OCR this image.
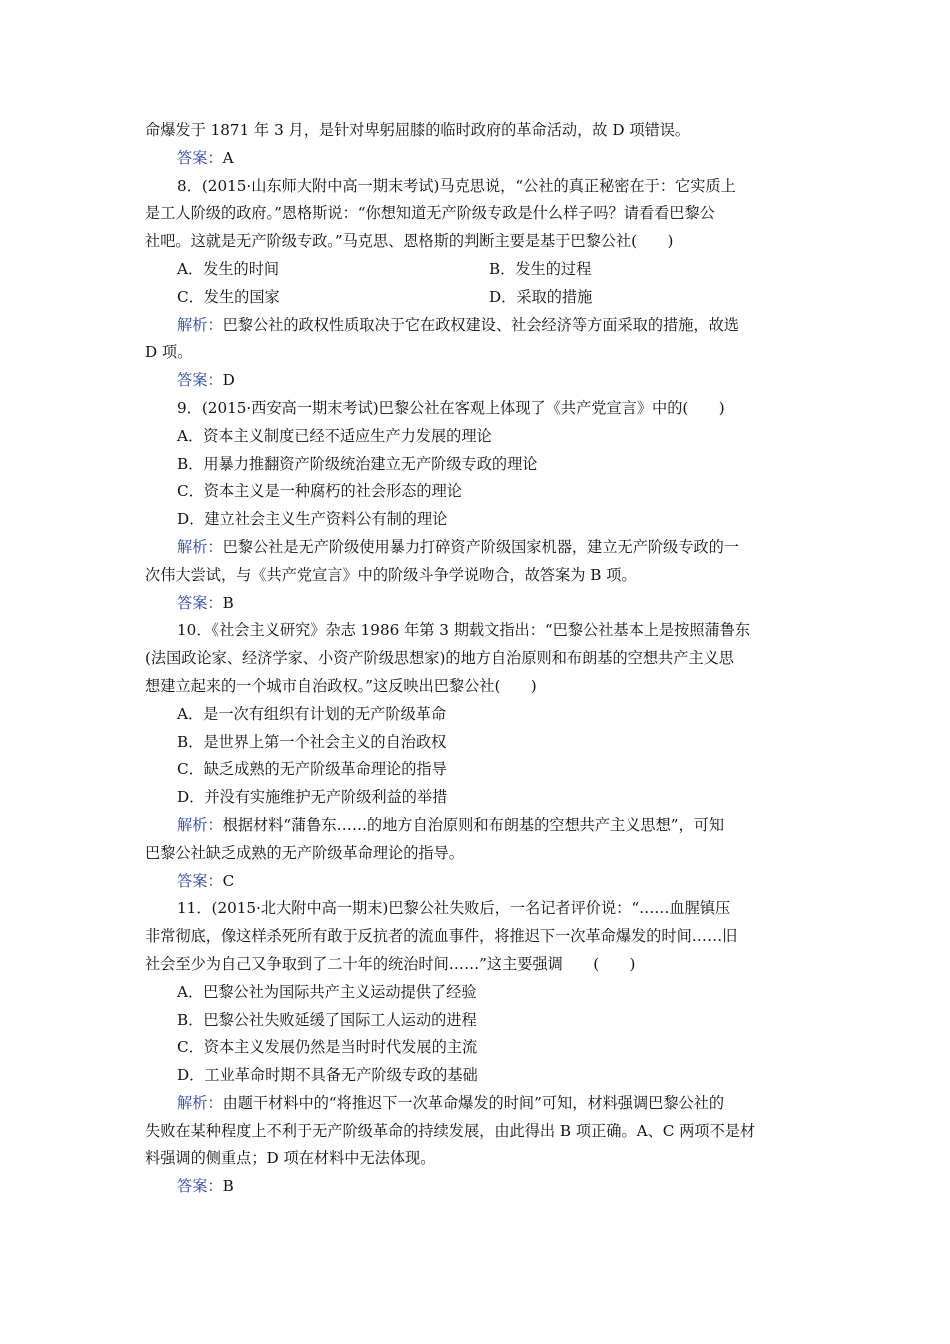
命爆发于 1871 年 3 月，是针对卑躬屈膝的临时政府的革命活动，故 D 项错误。
答案：A
8．(2015·山东师大附中高一期末考试)马克思说，“公社的真正秘密在于：它实质上
是工人阶级的政府。”恩格斯说：“你想知道无产阶级专政是什么样子吗？请看看巴黎公
社吧。这就是无产阶级专政。”马克思、恩格斯的判断主要是基于巴黎公社(　　)
A．发生的时间	B．发生的过程
C．发生的国家	D．采取的措施
解析：巴黎公社的政权性质取决于它在政权建设、社会经济等方面采取的措施，故选
D 项。
答案：D
9．(2015·西安高一期末考试)巴黎公社在客观上体现了《共产党宣言》中的(　　)
A．资本主义制度已经不适应生产力发展的理论
B．用暴力推翻资产阶级统治建立无产阶级专政的理论
C．资本主义是一种腐朽的社会形态的理论
D．建立社会主义生产资料公有制的理论
解析：巴黎公社是无产阶级使用暴力打碎资产阶级国家机器，建立无产阶级专政的一
次伟大尝试，与《共产党宣言》中的阶级斗争学说吻合，故答案为 B 项。
答案：B
10．《社会主义研究》杂志 1986 年第 3 期载文指出：“巴黎公社基本上是按照蒲鲁东
(法国政论家、经济学家、小资产阶级思想家)的地方自治原则和布朗基的空想共产主义思
想建立起来的一个城市自治政权。”这反映出巴黎公社(　　)
A．是一次有组织有计划的无产阶级革命
B．是世界上第一个社会主义的自治政权
C．缺乏成熟的无产阶级革命理论的指导
D．并没有实施维护无产阶级利益的举措
解析：根据材料“蒲鲁东……的地方自治原则和布朗基的空想共产主义思想”，可知
巴黎公社缺乏成熟的无产阶级革命理论的指导。
答案：C
11．(2015·北大附中高一期末)巴黎公社失败后，一名记者评价说：“……血腥镇压
非常彻底，像这样杀死所有敢于反抗者的流血事件，将推迟下一次革命爆发的时间……旧
社会至少为自己又争取到了二十年的统治时间……”这主要强调　　(　　)
A．巴黎公社为国际共产主义运动提供了经验
B．巴黎公社失败延缓了国际工人运动的进程
C．资本主义发展仍然是当时时代发展的主流
D．工业革命时期不具备无产阶级专政的基础
解析：由题干材料中的“将推迟下一次革命爆发的时间”可知，材料强调巴黎公社的
失败在某种程度上不利于无产阶级革命的持续发展，由此得出 B 项正确。A、C 两项不是材
料强调的侧重点；D 项在材料中无法体现。
答案：B
